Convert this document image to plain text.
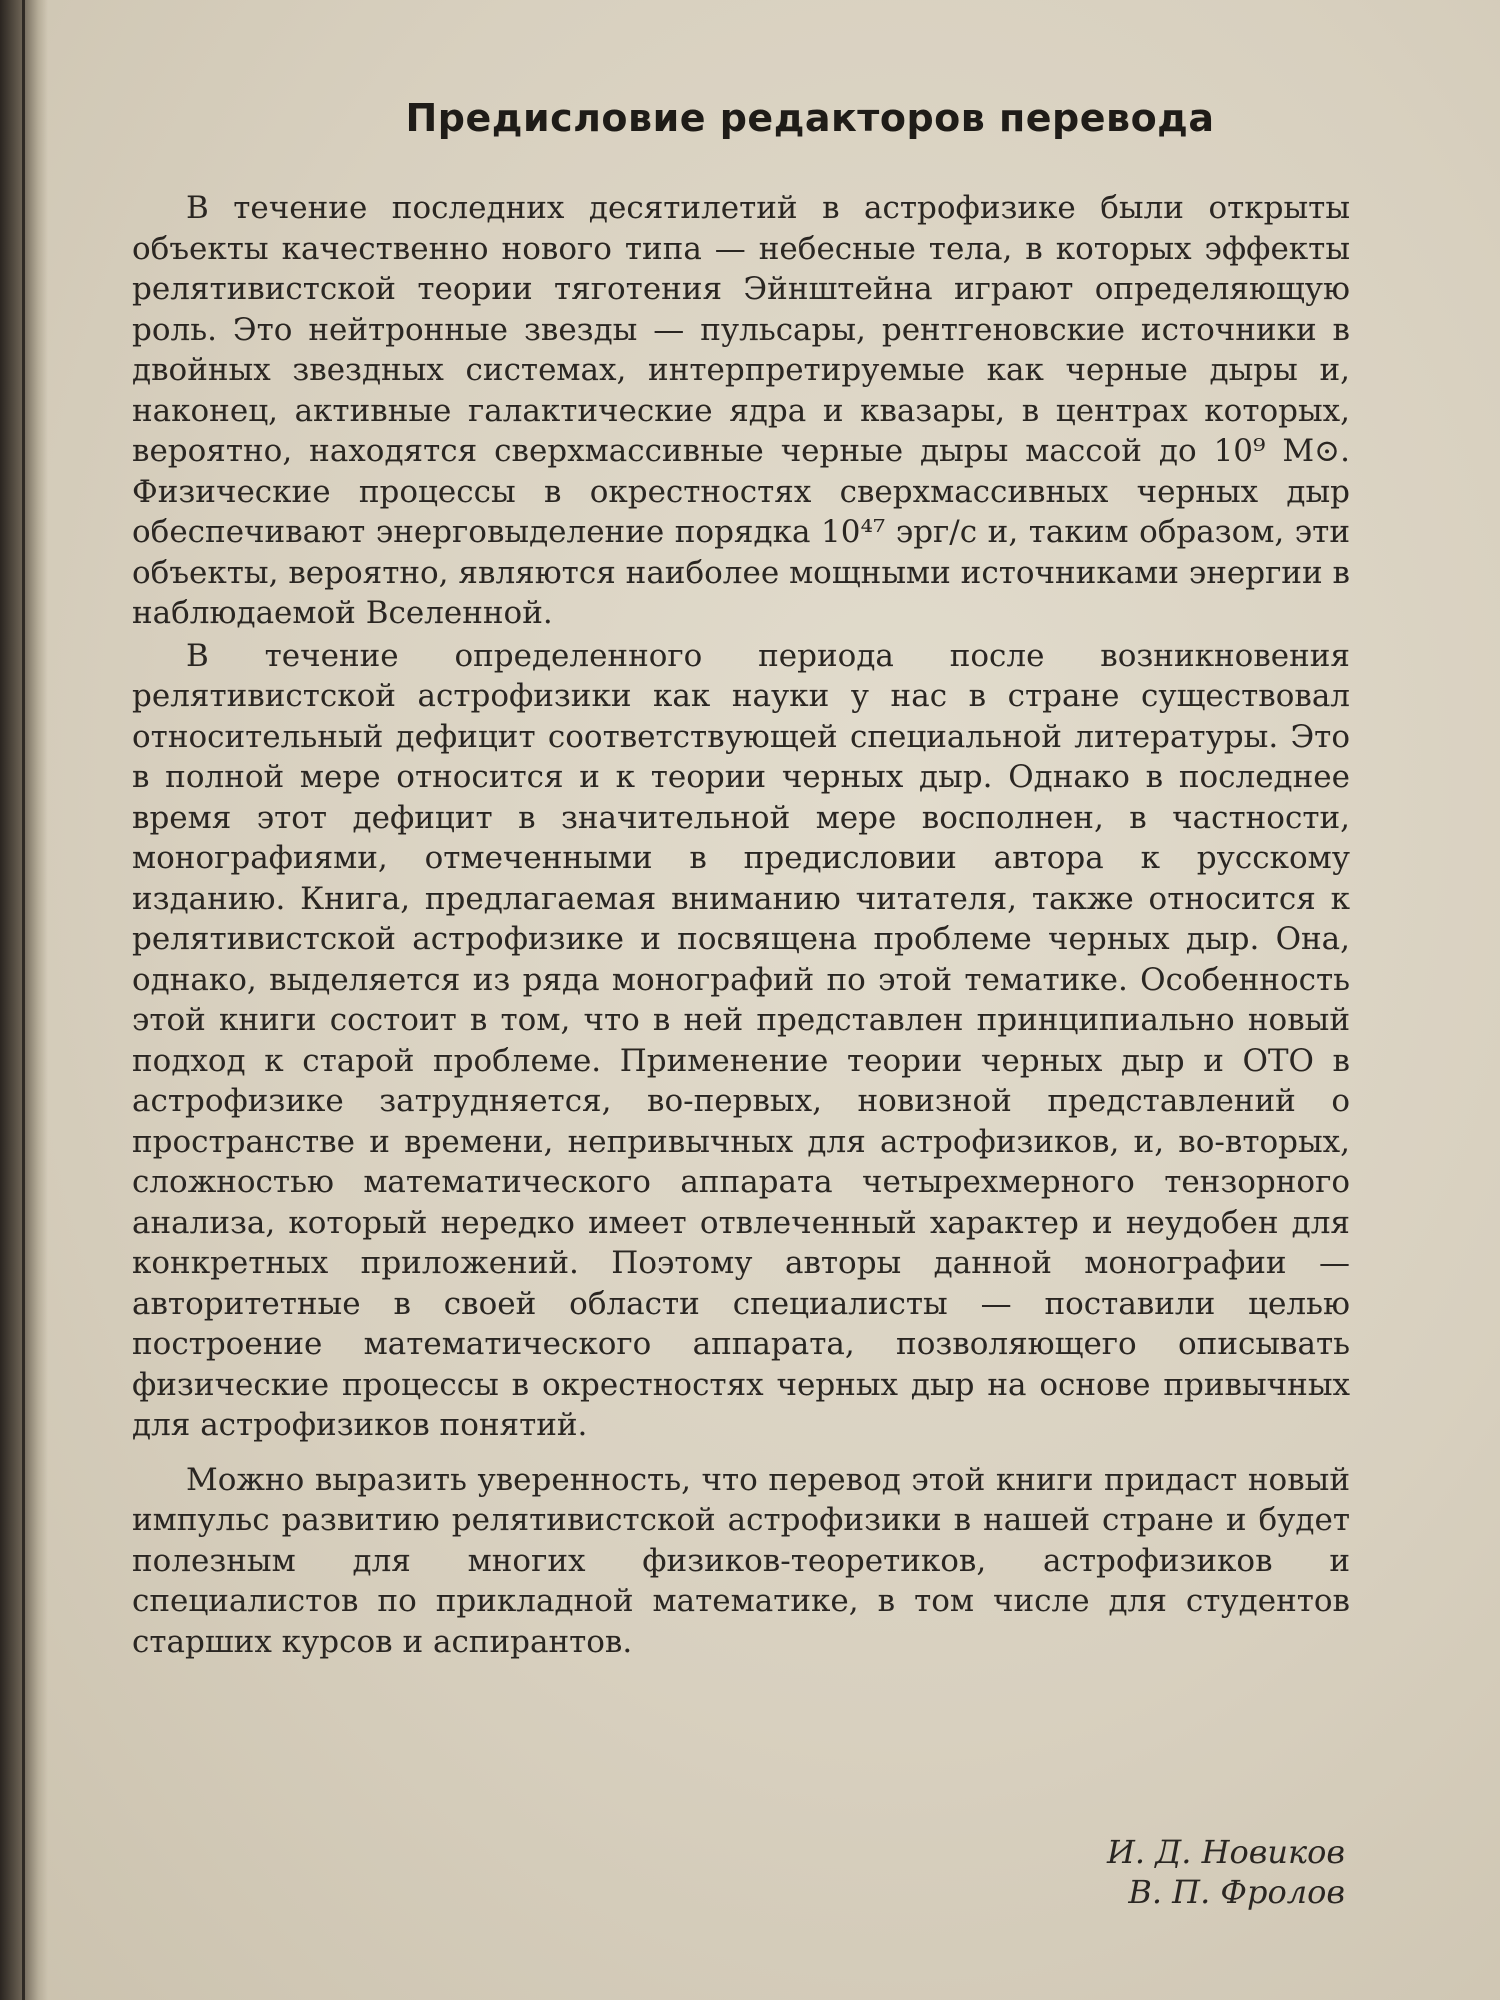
Предисловие редакторов перевода

В течение последних десятилетий в астрофизике были открыты объекты качественно нового типа — небесные тела, в которых эффекты релятивистской теории тяготения Эйнштейна играют определяющую роль. Это нейтронные звезды — пульсары, рентгеновские источники в двойных звездных системах, интерпретируемые как черные дыры и, наконец, активные галактические ядра и квазары, в центрах которых, вероятно, находятся сверхмассивные черные дыры массой до 10⁹ M⊙. Физические процессы в окрестностях сверхмассивных черных дыр обеспечивают энерговыделение порядка 10⁴⁷ эрг/с и, таким образом, эти объекты, вероятно, являются наиболее мощными источниками энергии в наблюдаемой Вселенной.

В течение определенного периода после возникновения релятивистской астрофизики как науки у нас в стране существовал относительный дефицит соответствующей специальной литературы. Это в полной мере относится и к теории черных дыр. Однако в последнее время этот дефицит в значительной мере восполнен, в частности, монографиями, отмеченными в предисловии автора к русскому изданию. Книга, предлагаемая вниманию читателя, также относится к релятивистской астрофизике и посвящена проблеме черных дыр. Она, однако, выделяется из ряда монографий по этой тематике. Особенность этой книги состоит в том, что в ней представлен принципиально новый подход к старой проблеме. Применение теории черных дыр и ОТО в астрофизике затрудняется, во-первых, новизной представлений о пространстве и времени, непривычных для астрофизиков, и, во-вторых, сложностью математического аппарата четырехмерного тензорного анализа, который нередко имеет отвлеченный характер и неудобен для конкретных приложений. Поэтому авторы данной монографии — авторитетные в своей области специалисты — поставили целью построение математического аппарата, позволяющего описывать физические процессы в окрестностях черных дыр на основе привычных для астрофизиков понятий.

Можно выразить уверенность, что перевод этой книги придаст новый импульс развитию релятивистской астрофизики в нашей стране и будет полезным для многих физиков-теоретиков, астрофизиков и специалистов по прикладной математике, в том числе для студентов старших курсов и аспирантов.

И. Д. Новиков
В. П. Фролов
